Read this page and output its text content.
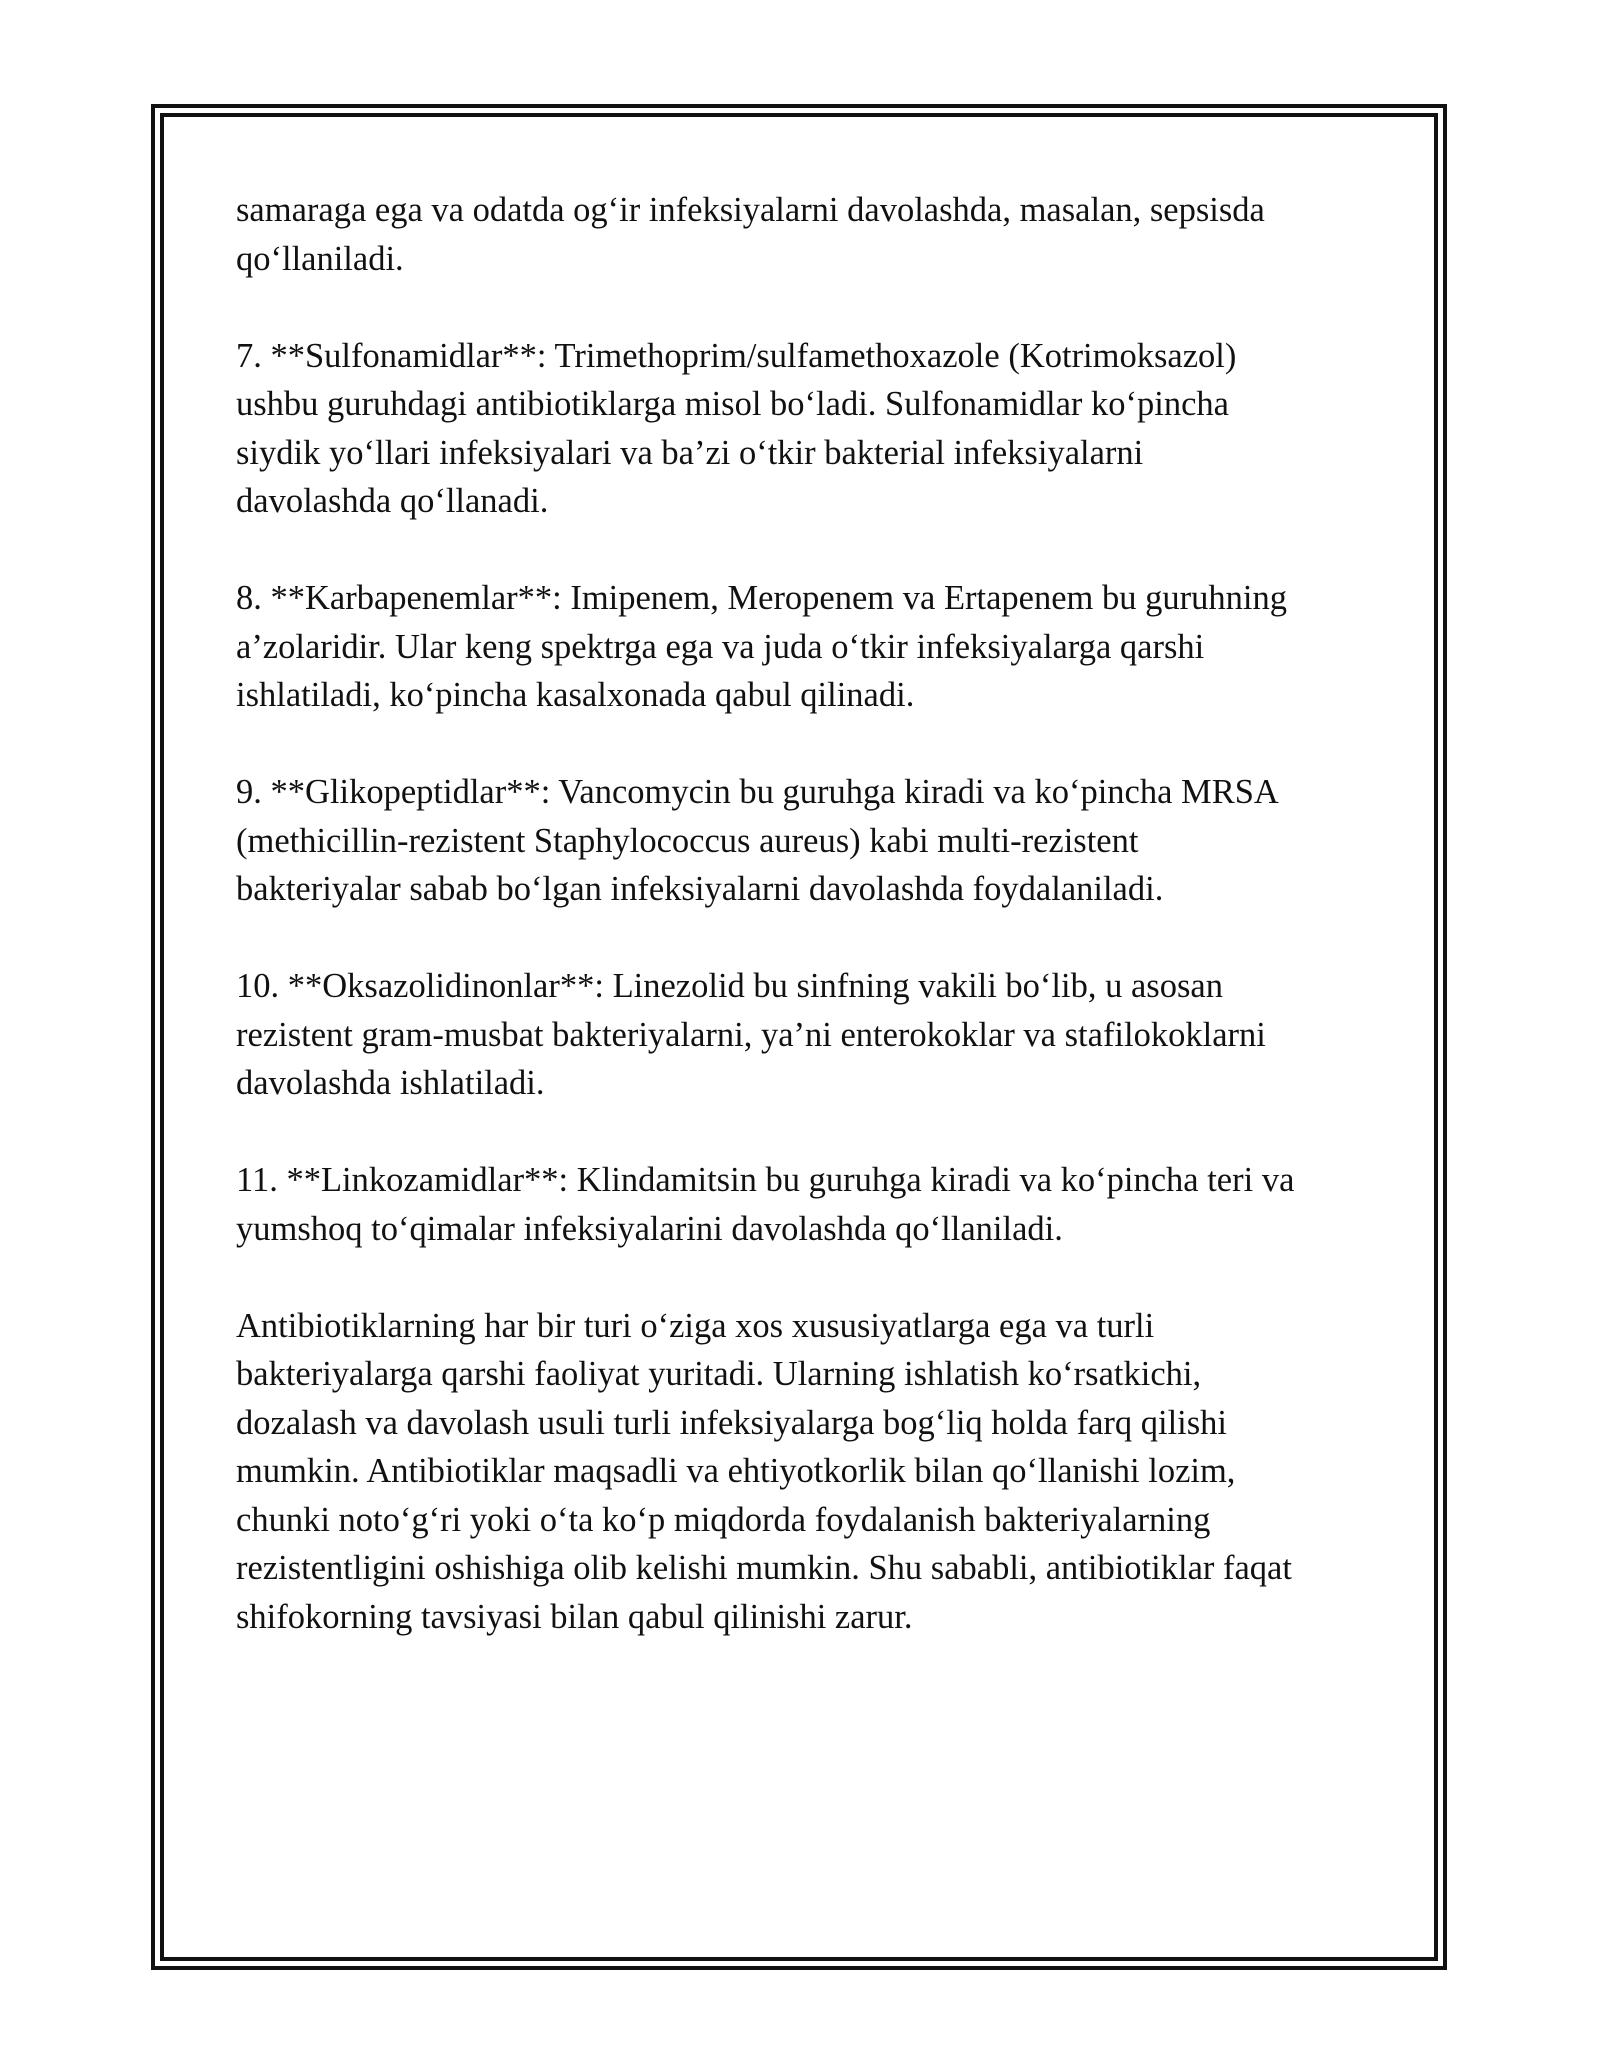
samaraga ega va odatda og‘ir infeksiyalarni davolashda, masalan, sepsisda
qo‘llaniladi.

7. **Sulfonamidlar**: Trimethoprim/sulfamethoxazole (Kotrimoksazol)
ushbu guruhdagi antibiotiklarga misol bo‘ladi. Sulfonamidlar ko‘pincha
siydik yo‘llari infeksiyalari va ba’zi o‘tkir bakterial infeksiyalarni
davolashda qo‘llanadi.

8. **Karbapenemlar**: Imipenem, Meropenem va Ertapenem bu guruhning
a’zolaridir. Ular keng spektrga ega va juda o‘tkir infeksiyalarga qarshi
ishlatiladi, ko‘pincha kasalxonada qabul qilinadi.

9. **Glikopeptidlar**: Vancomycin bu guruhga kiradi va ko‘pincha MRSA
(methicillin-rezistent Staphylococcus aureus) kabi multi-rezistent
bakteriyalar sabab bo‘lgan infeksiyalarni davolashda foydalaniladi.

10. **Oksazolidinonlar**: Linezolid bu sinfning vakili bo‘lib, u asosan
rezistent gram-musbat bakteriyalarni, ya’ni enterokoklar va stafilokoklarni
davolashda ishlatiladi.

11. **Linkozamidlar**: Klindamitsin bu guruhga kiradi va ko‘pincha teri va
yumshoq to‘qimalar infeksiyalarini davolashda qo‘llaniladi.

Antibiotiklarning har bir turi o‘ziga xos xususiyatlarga ega va turli
bakteriyalarga qarshi faoliyat yuritadi. Ularning ishlatish ko‘rsatkichi,
dozalash va davolash usuli turli infeksiyalarga bog‘liq holda farq qilishi
mumkin. Antibiotiklar maqsadli va ehtiyotkorlik bilan qo‘llanishi lozim,
chunki noto‘g‘ri yoki o‘ta ko‘p miqdorda foydalanish bakteriyalarning
rezistentligini oshishiga olib kelishi mumkin. Shu sababli, antibiotiklar faqat
shifokorning tavsiyasi bilan qabul qilinishi zarur.
